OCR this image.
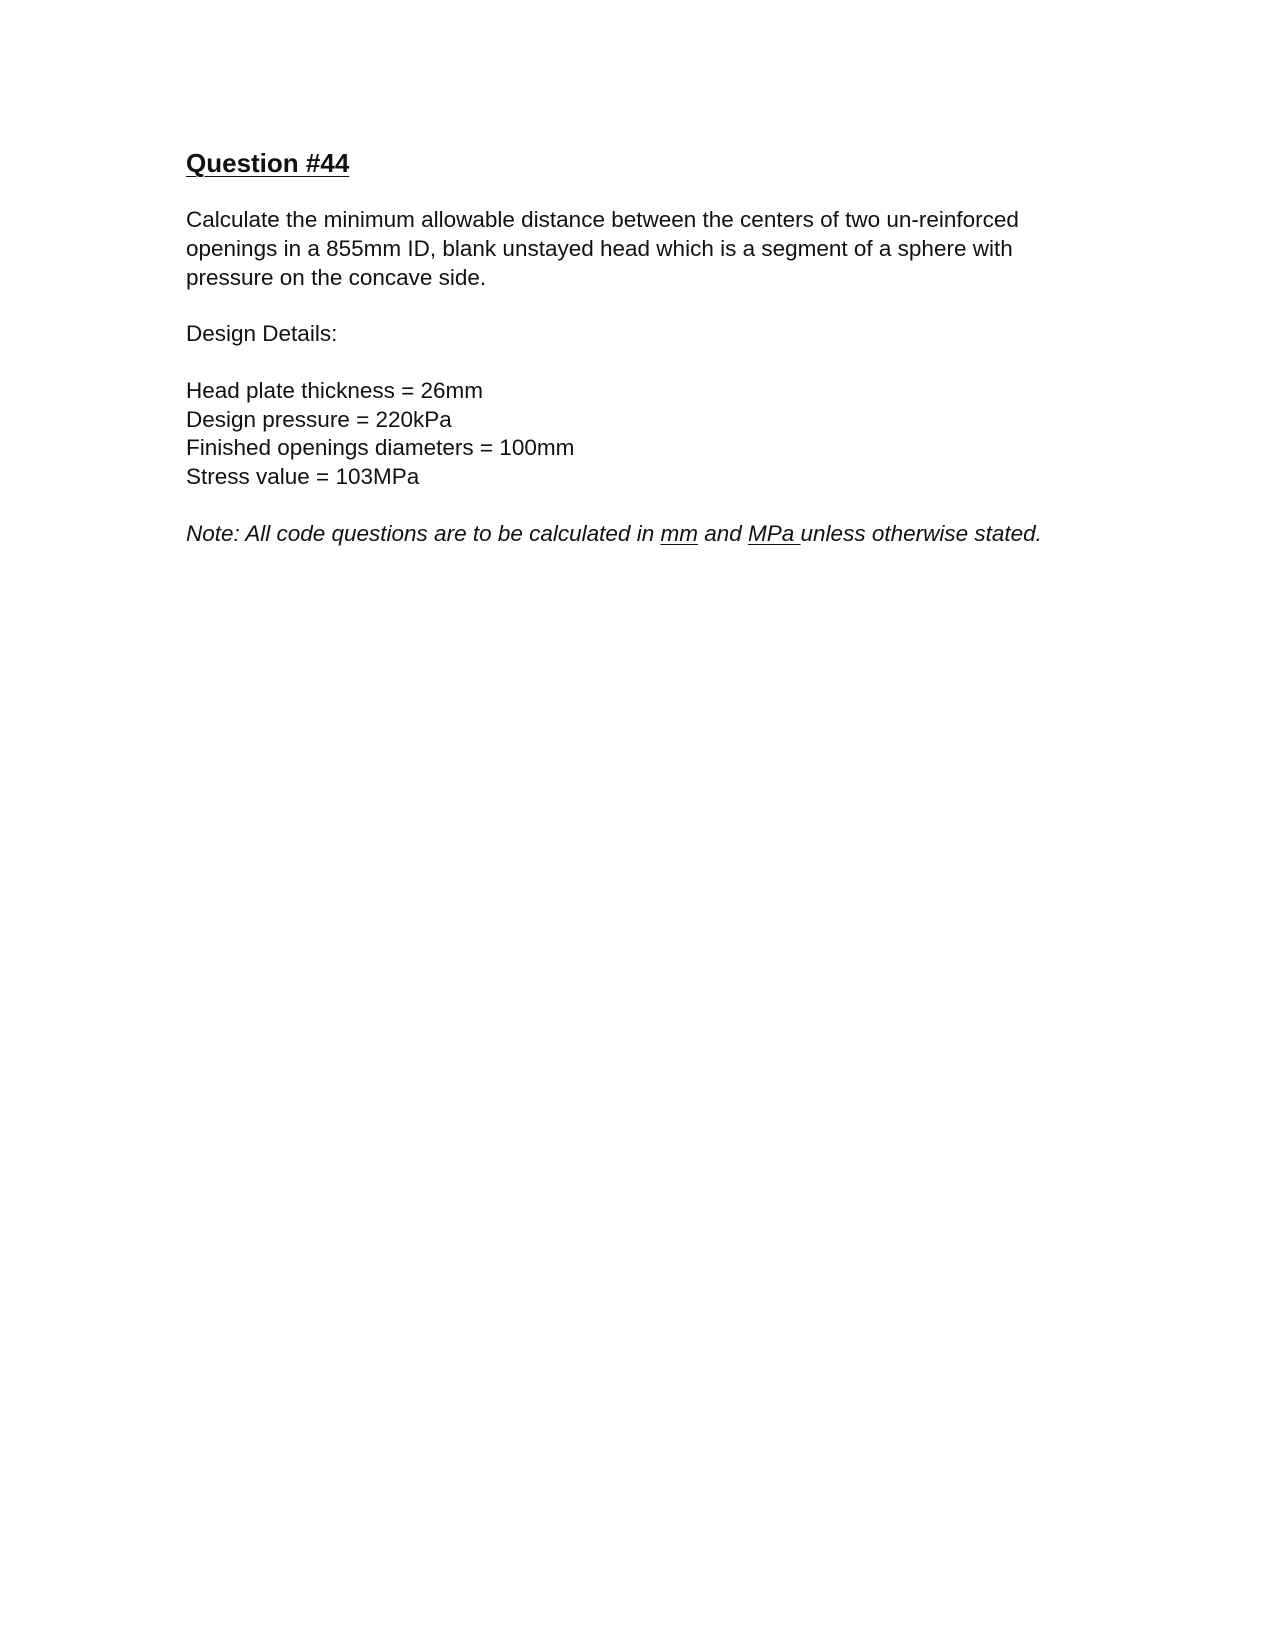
Question #44

Calculate the minimum allowable distance between the centers of two un-reinforced openings in a 855mm ID, blank unstayed head which is a segment of a sphere with pressure on the concave side.

Design Details:

Head plate thickness = 26mm
Design pressure = 220kPa
Finished openings diameters = 100mm
Stress value = 103MPa

Note: All code questions are to be calculated in mm and MPa unless otherwise stated.
